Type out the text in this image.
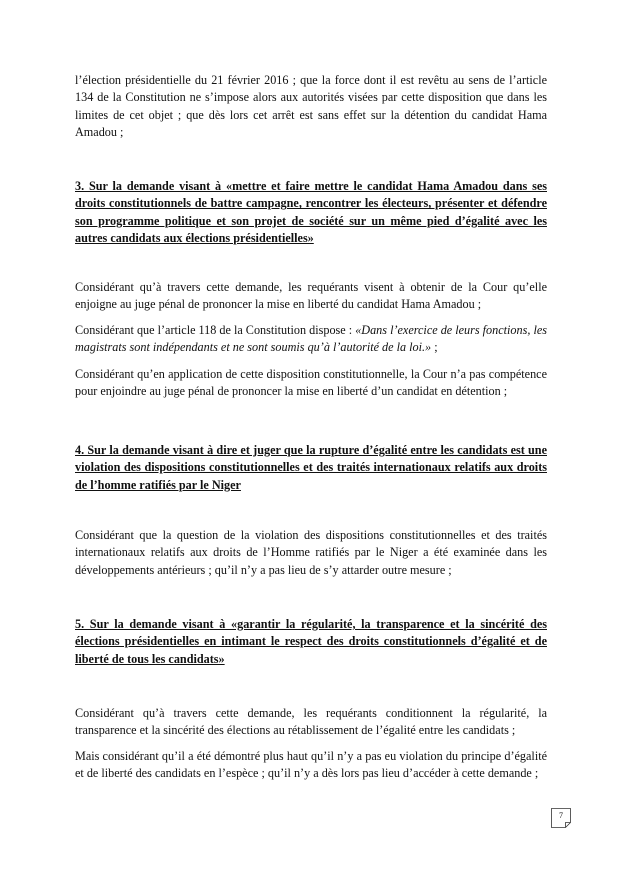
l’élection présidentielle du 21 février 2016 ; que la force dont il est revêtu au sens de l’article 134 de la Constitution ne s’impose alors aux autorités visées par cette disposition que dans les limites de cet objet ; que dès lors cet arrêt est sans effet sur la détention du candidat Hama Amadou ;

3. Sur la demande visant à «mettre et faire mettre le candidat Hama Amadou dans ses droits constitutionnels de battre campagne, rencontrer les électeurs, présenter et défendre son programme politique et son projet de société sur un même pied d’égalité avec les autres candidats aux élections présidentielles»

Considérant qu’à travers cette demande, les requérants visent à obtenir de la Cour qu’elle enjoigne au juge pénal de prononcer la mise en liberté du candidat Hama Amadou ;

Considérant que l’article 118 de la Constitution dispose : «Dans l’exercice de leurs fonctions, les magistrats sont indépendants et ne sont soumis qu’à l’autorité de la loi.» ;

Considérant qu’en application de cette disposition constitutionnelle, la Cour n’a pas compétence pour enjoindre au juge pénal de prononcer la mise en liberté d’un candidat en détention ;

4. Sur la demande visant à dire et juger que la rupture d’égalité entre les candidats est une violation des dispositions constitutionnelles et des traités internationaux relatifs aux droits de l’homme ratifiés par le Niger

Considérant que la question de la violation des dispositions constitutionnelles et des traités internationaux relatifs aux droits de l’Homme ratifiés par le Niger a été examinée dans les développements antérieurs ; qu’il n’y a pas lieu de s’y attarder outre mesure ;

5. Sur la demande visant à «garantir la régularité, la transparence et la sincérité des élections présidentielles en intimant le respect des droits constitutionnels d’égalité et de liberté de tous les candidats»

Considérant qu’à travers cette demande, les requérants conditionnent la régularité, la transparence et la sincérité des élections au rétablissement de l’égalité entre les candidats ;

Mais considérant qu’il a été démontré plus haut qu’il n’y a pas eu violation du principe d’égalité et de liberté des candidats en l’espèce ; qu’il n’y a dès lors pas lieu d’accéder à cette demande ;

7
